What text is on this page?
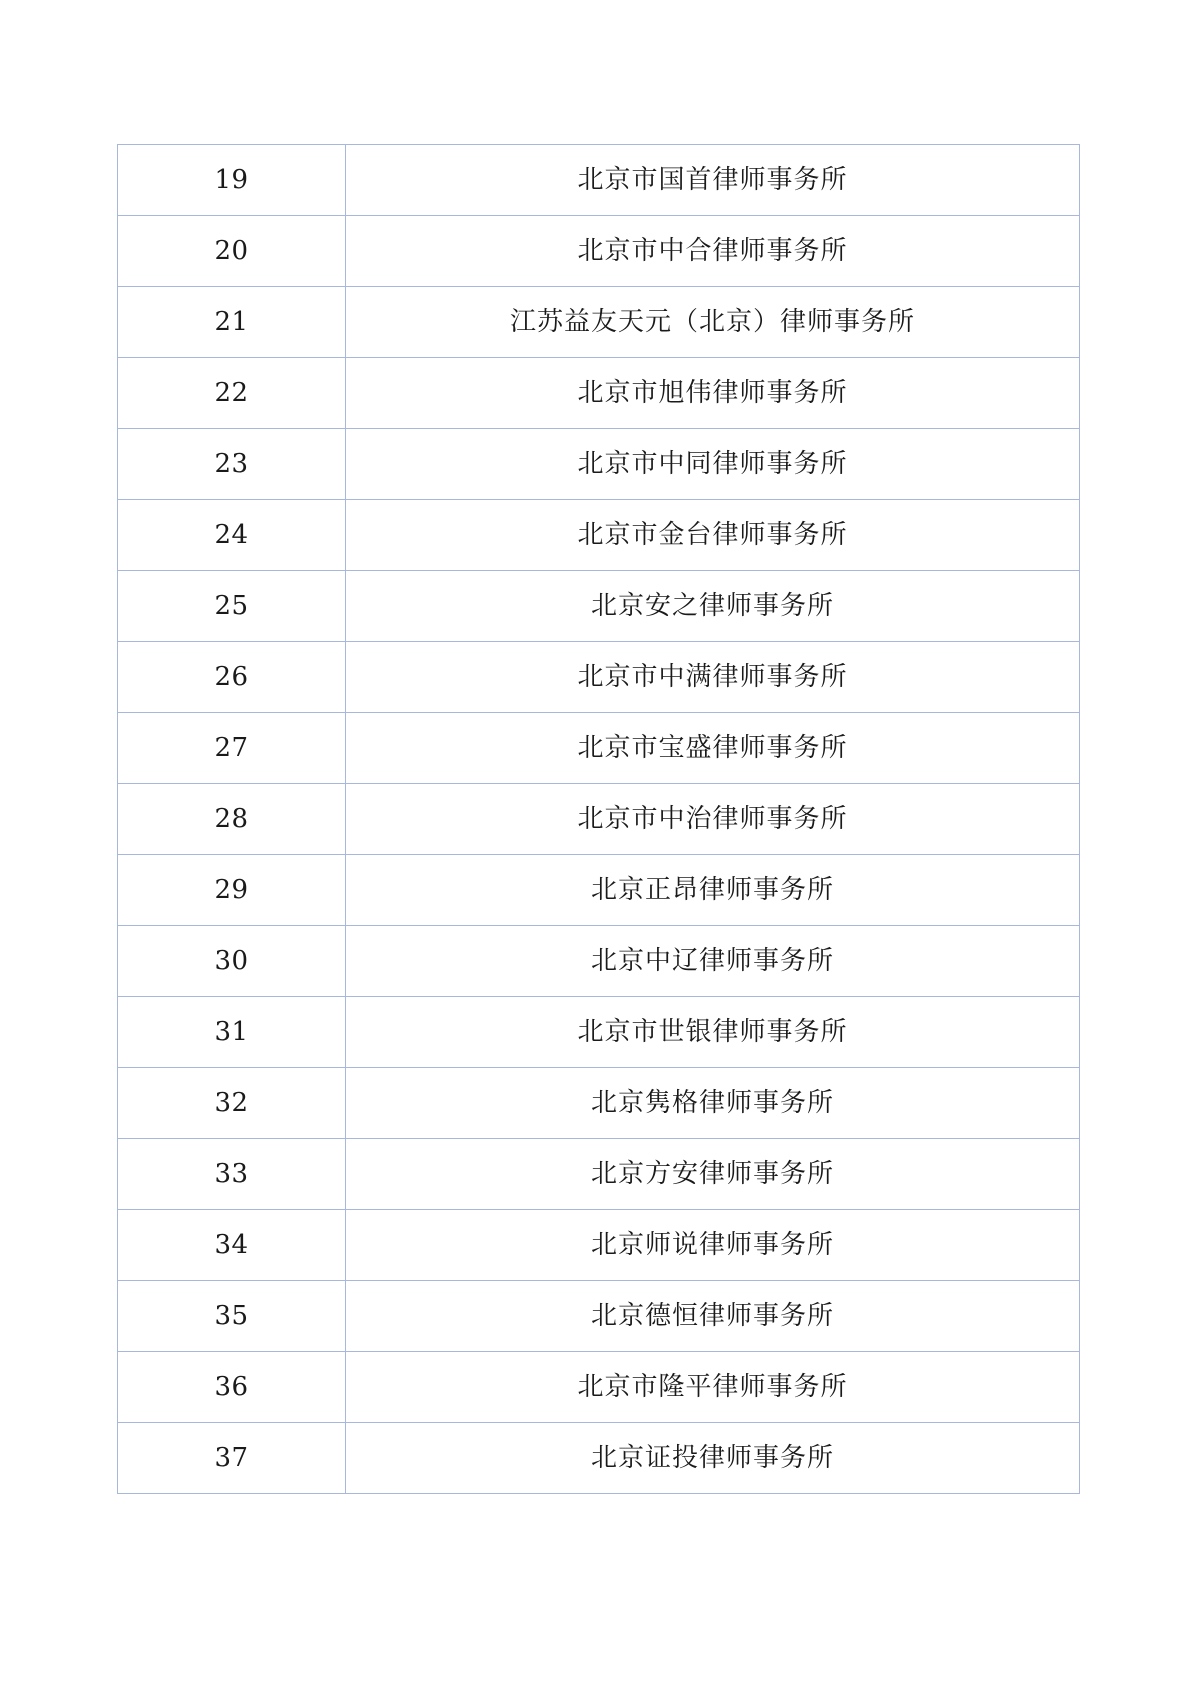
19	北京市国首律师事务所
20	北京市中合律师事务所
21	江苏益友天元（北京）律师事务所
22	北京市旭伟律师事务所
23	北京市中同律师事务所
24	北京市金台律师事务所
25	北京安之律师事务所
26	北京市中满律师事务所
27	北京市宝盛律师事务所
28	北京市中治律师事务所
29	北京正昂律师事务所
30	北京中辽律师事务所
31	北京市世银律师事务所
32	北京隽格律师事务所
33	北京方安律师事务所
34	北京师说律师事务所
35	北京德恒律师事务所
36	北京市隆平律师事务所
37	北京证投律师事务所
